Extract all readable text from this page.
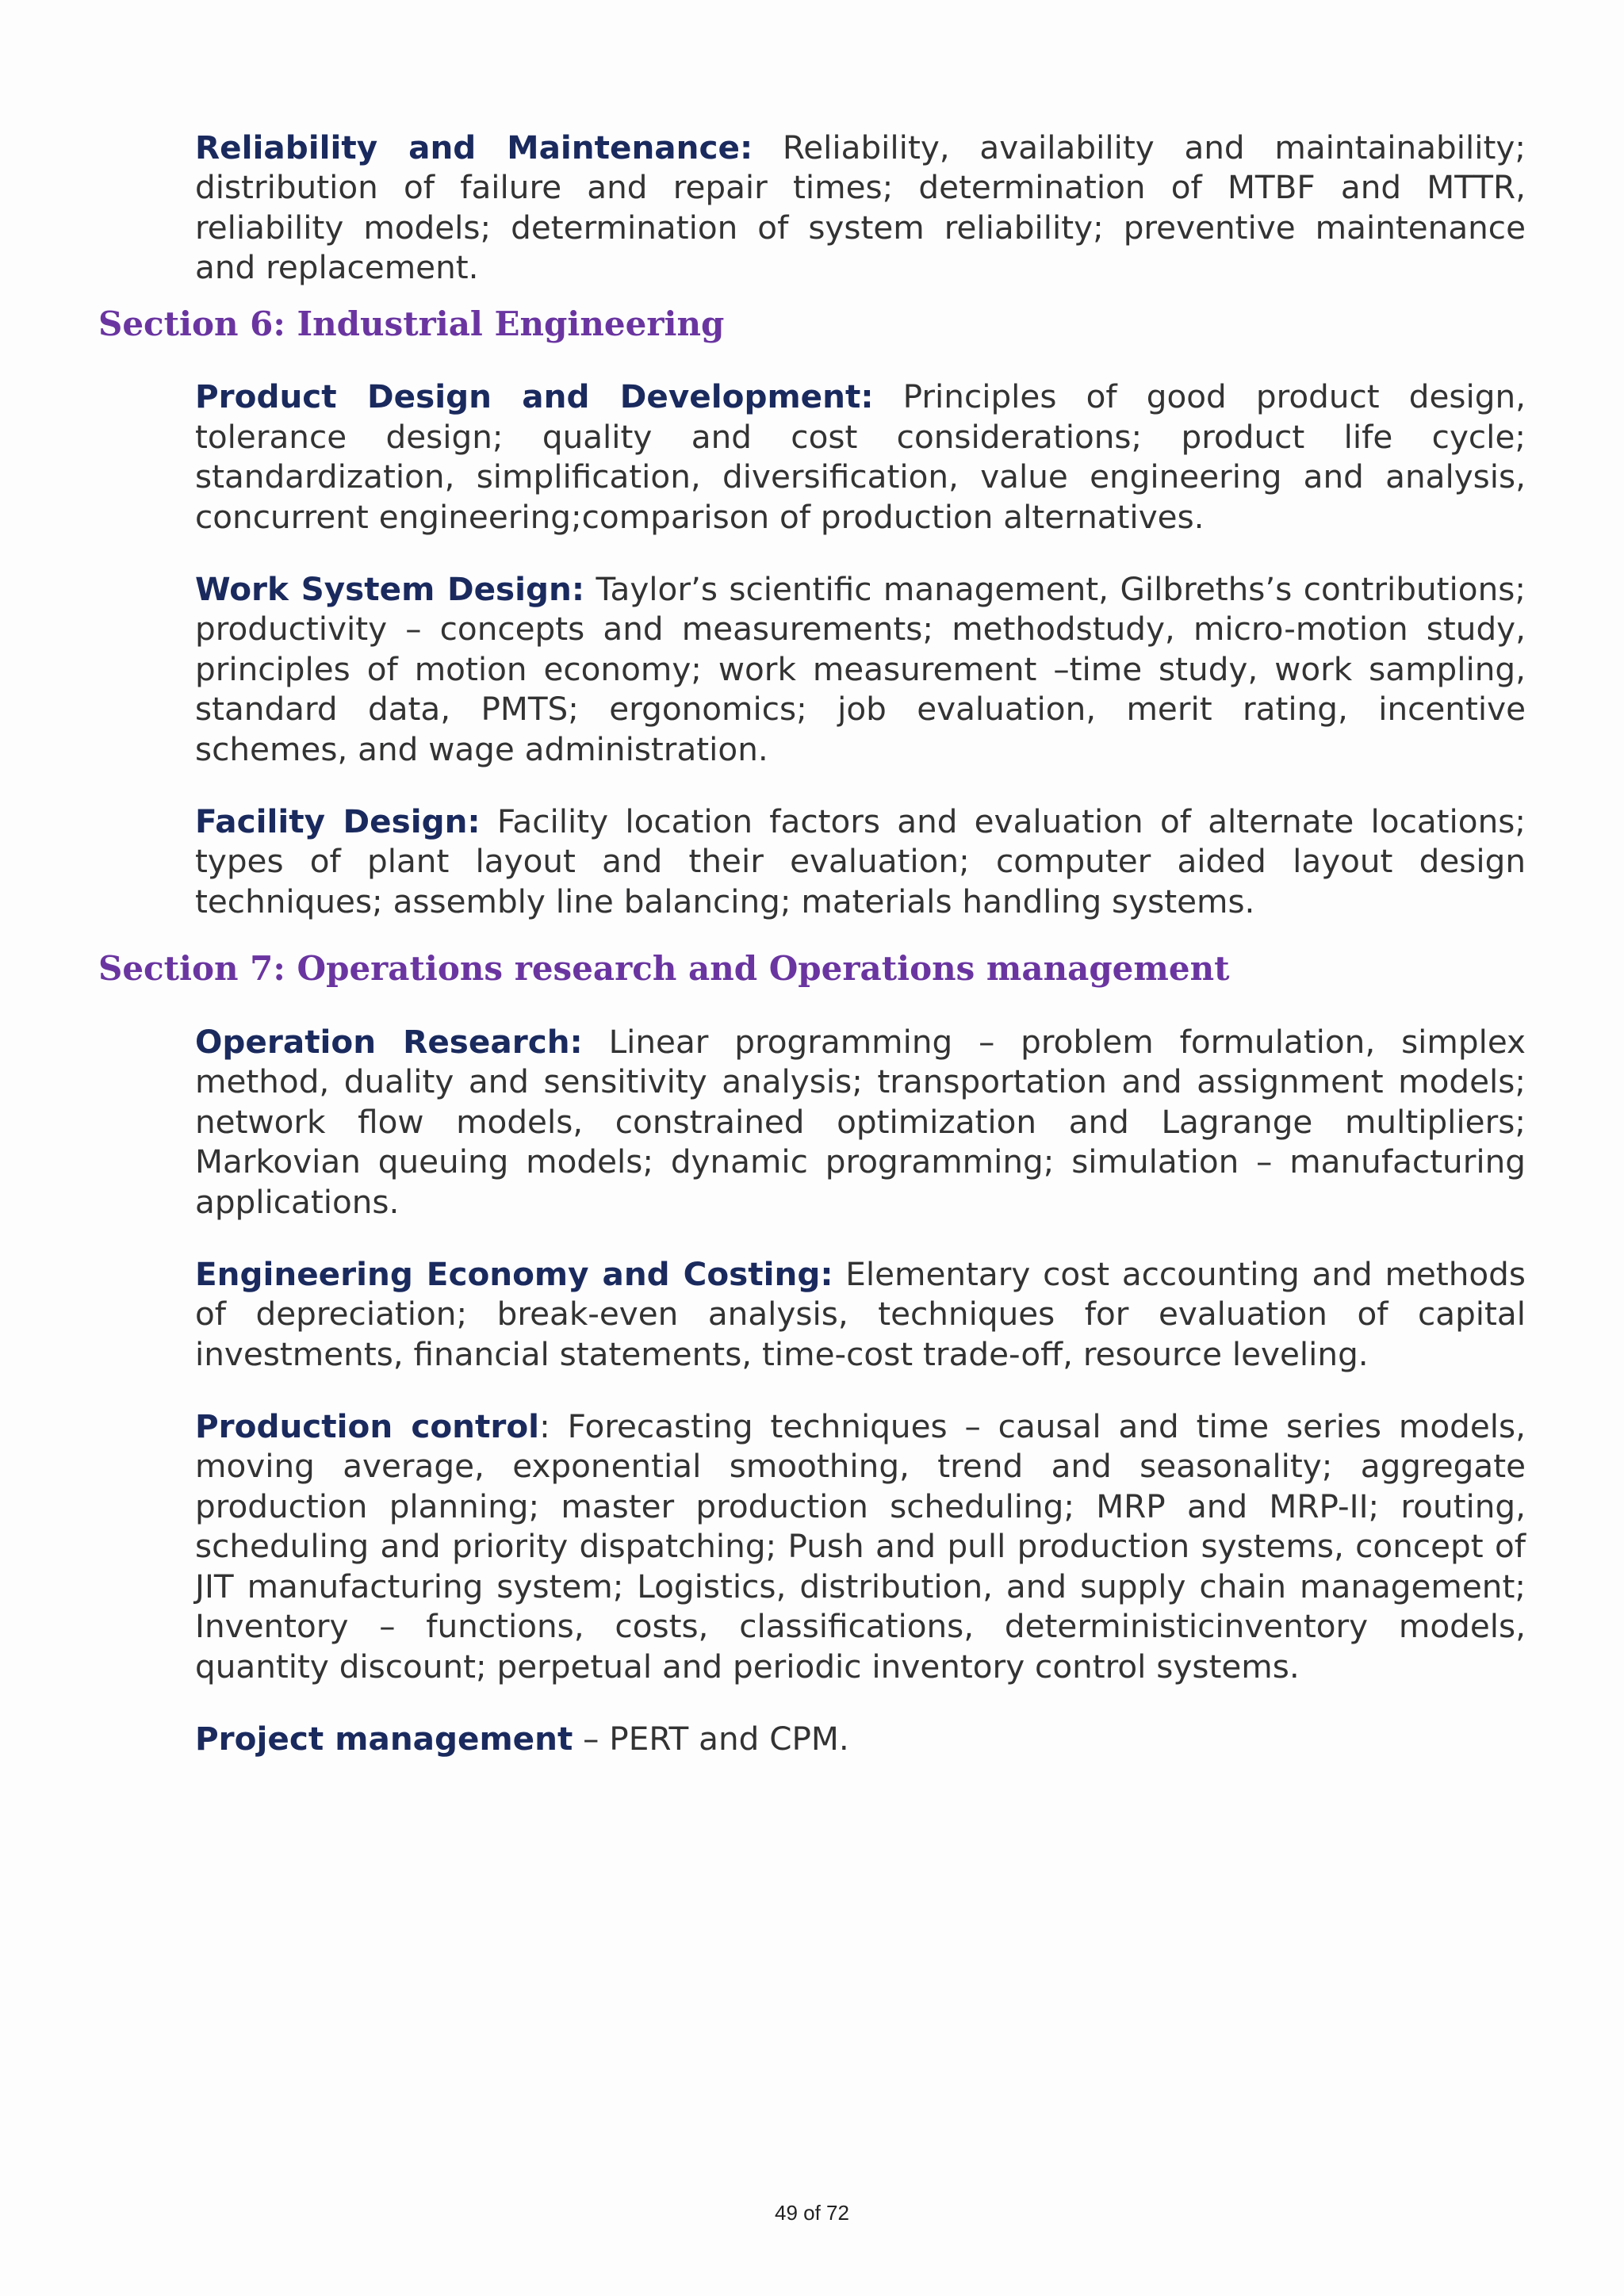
Reliability and Maintenance: Reliability, availability and maintainability; distribution of failure and repair times; determination of MTBF and MTTR, reliability models; determination of system reliability; preventive maintenance and replacement.

Section 6: Industrial Engineering

Product Design and Development: Principles of good product design, tolerance design; quality and cost considerations; product life cycle; standardization, simplification, diversification, value engineering and analysis, concurrent engineering;comparison of production alternatives.

Work System Design: Taylor’s scientific management, Gilbreths’s contributions; productivity – concepts and measurements; methodstudy, micro-motion study, principles of motion economy; work measurement –time study, work sampling, standard data, PMTS; ergonomics; job evaluation, merit rating, incentive schemes, and wage administration.

Facility Design: Facility location factors and evaluation of alternate locations; types of plant layout and their evaluation; computer aided layout design techniques; assembly line balancing; materials handling systems.

Section 7: Operations research and Operations management

Operation Research: Linear programming – problem formulation, simplex method, duality and sensitivity analysis; transportation and assignment models; network flow models, constrained optimization and Lagrange multipliers; Markovian queuing models; dynamic programming; simulation – manufacturing applications.

Engineering Economy and Costing: Elementary cost accounting and methods of depreciation; break-even analysis, techniques for evaluation of capital investments, financial statements, time-cost trade-off, resource leveling.

Production control: Forecasting techniques – causal and time series models, moving average, exponential smoothing, trend and seasonality; aggregate production planning; master production scheduling; MRP and MRP-II; routing, scheduling and priority dispatching; Push and pull production systems, concept of JIT manufacturing system; Logistics, distribution, and supply chain management; Inventory – functions, costs, classifications, deterministicinventory models, quantity discount; perpetual and periodic inventory control systems.

Project management – PERT and CPM.

49 of 72
